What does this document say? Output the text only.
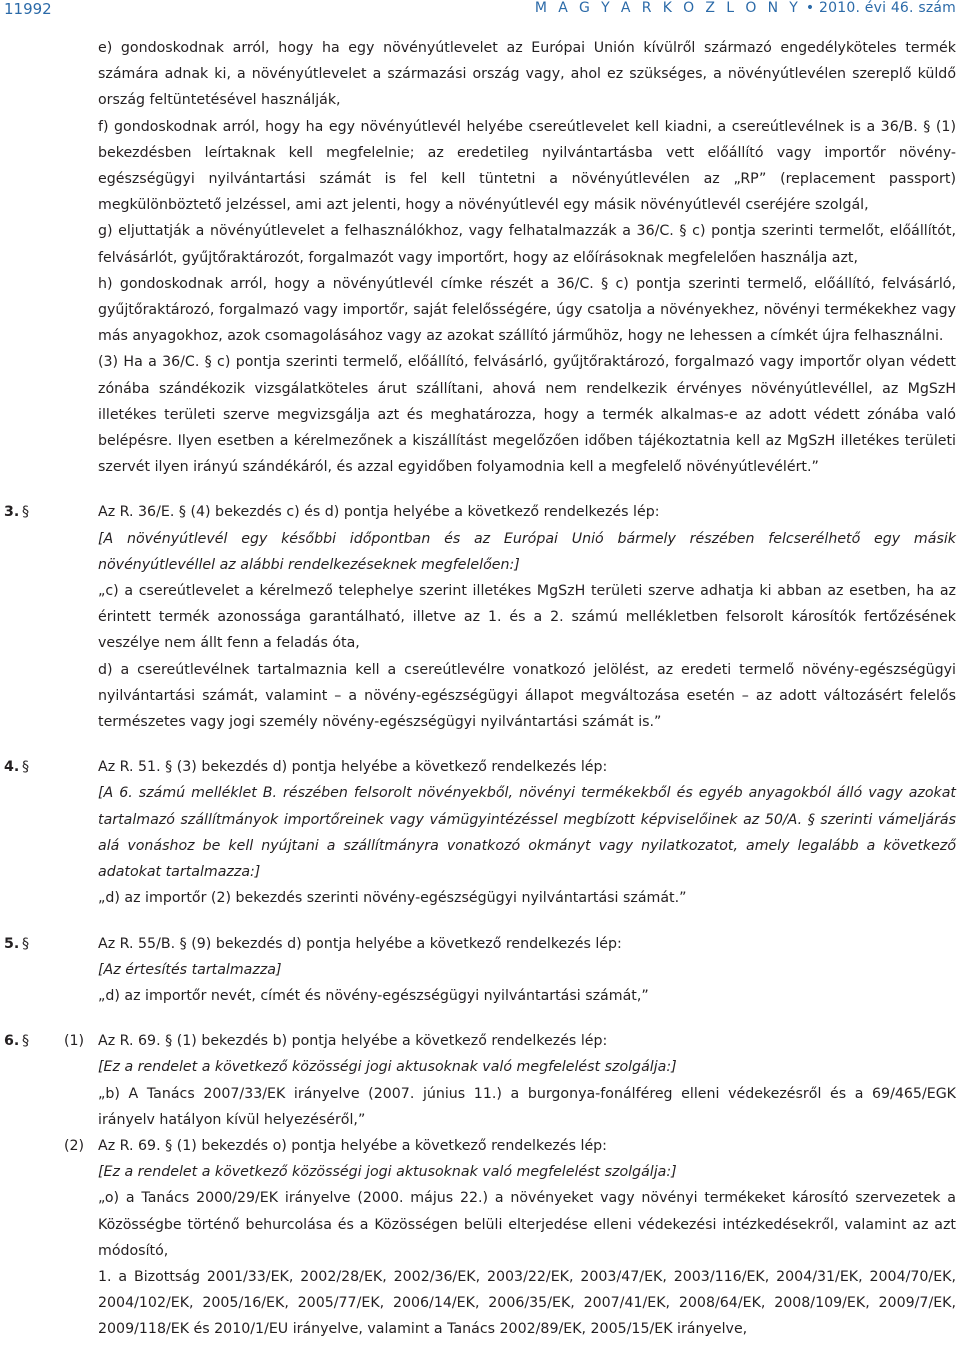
11992	M A G Y A R K Ö Z L Ö N Y • 2010. évi 46. szám

e) gondoskodnak arról, hogy ha egy növényútlevelet az Európai Unión kívülről származó engedélyköteles termék számára adnak ki, a növényútlevelet a származási ország vagy, ahol ez szükséges, a növényútlevélen szereplő küldő ország feltüntetésével használják,

f) gondoskodnak arról, hogy ha egy növényútlevél helyébe csereútlevelet kell kiadni, a csereútlevélnek is a 36/B. § (1) bekezdésben leírtaknak kell megfelelnie; az eredetileg nyilvántartásba vett előállító vagy importőr növény-egészségügyi nyilvántartási számát is fel kell tüntetni a növényútlevélen az „RP” (replacement passport) megkülönböztető jelzéssel, ami azt jelenti, hogy a növényútlevél egy másik növényútlevél cseréjére szolgál,

g) eljuttatják a növényútlevelet a felhasználókhoz, vagy felhatalmazzák a 36/C. § c) pontja szerinti termelőt, előállítót, felvásárlót, gyűjtőraktározót, forgalmazót vagy importőrt, hogy az előírásoknak megfelelően használja azt,

h) gondoskodnak arról, hogy a növényútlevél címke részét a 36/C. § c) pontja szerinti termelő, előállító, felvásárló, gyűjtőraktározó, forgalmazó vagy importőr, saját felelősségére, úgy csatolja a növényekhez, növényi termékekhez vagy más anyagokhoz, azok csomagolásához vagy az azokat szállító járműhöz, hogy ne lehessen a címkét újra felhasználni.

(3) Ha a 36/C. § c) pontja szerinti termelő, előállító, felvásárló, gyűjtőraktározó, forgalmazó vagy importőr olyan védett zónába szándékozik vizsgálatköteles árut szállítani, ahová nem rendelkezik érvényes növényútlevéllel, az MgSzH illetékes területi szerve megvizsgálja azt és meghatározza, hogy a termék alkalmas-e az adott védett zónába való belépésre. Ilyen esetben a kérelmezőnek a kiszállítást megelőzően időben tájékoztatnia kell az MgSzH illetékes területi szervét ilyen irányú szándékáról, és azzal egyidőben folyamodnia kell a megfelelő növényútlevélért.”

3. §	Az R. 36/E. § (4) bekezdés c) és d) pontja helyébe a következő rendelkezés lép:

[A növényútlevél egy későbbi időpontban és az Európai Unió bármely részében felcserélhető egy másik növényútlevéllel az alábbi rendelkezéseknek megfelelően:]

„c) a csereútlevelet a kérelmező telephelye szerint illetékes MgSzH területi szerve adhatja ki abban az esetben, ha az érintett termék azonossága garantálható, illetve az 1. és a 2. számú mellékletben felsorolt károsítók fertőzésének veszélye nem állt fenn a feladás óta,

d) a csereútlevélnek tartalmaznia kell a csereútlevélre vonatkozó jelölést, az eredeti termelő növény-egészségügyi nyilvántartási számát, valamint – a növény-egészségügyi állapot megváltozása esetén – az adott változásért felelős természetes vagy jogi személy növény-egészségügyi nyilvántartási számát is.”

4. §	Az R. 51. § (3) bekezdés d) pontja helyébe a következő rendelkezés lép:

[A 6. számú melléklet B. részében felsorolt növényekből, növényi termékekből és egyéb anyagokból álló vagy azokat tartalmazó szállítmányok importőreinek vagy vámügyintézéssel megbízott képviselőinek az 50/A. § szerinti vámeljárás alá vonáshoz be kell nyújtani a szállítmányra vonatkozó okmányt vagy nyilatkozatot, amely legalább a következő adatokat tartalmazza:]

„d) az importőr (2) bekezdés szerinti növény-egészségügyi nyilvántartási számát.”

5. §	Az R. 55/B. § (9) bekezdés d) pontja helyébe a következő rendelkezés lép:

[Az értesítés tartalmazza]

„d) az importőr nevét, címét és növény-egészségügyi nyilvántartási számát,”

6. § (1) Az R. 69. § (1) bekezdés b) pontja helyébe a következő rendelkezés lép:

[Ez a rendelet a következő közösségi jogi aktusoknak való megfelelést szolgálja:]

„b) A Tanács 2007/33/EK irányelve (2007. június 11.) a burgonya-fonálféreg elleni védekezésről és a 69/465/EGK irányelv hatályon kívül helyezéséről,”

(2) Az R. 69. § (1) bekezdés o) pontja helyébe a következő rendelkezés lép:

[Ez a rendelet a következő közösségi jogi aktusoknak való megfelelést szolgálja:]

„o) a Tanács 2000/29/EK irányelve (2000. május 22.) a növényeket vagy növényi termékeket károsító szervezetek a Közösségbe történő behurcolása és a Közösségen belüli elterjedése elleni védekezési intézkedésekről, valamint az azt módosító,

1. a Bizottság 2001/33/EK, 2002/28/EK, 2002/36/EK, 2003/22/EK, 2003/47/EK, 2003/116/EK, 2004/31/EK, 2004/70/EK, 2004/102/EK, 2005/16/EK, 2005/77/EK, 2006/14/EK, 2006/35/EK, 2007/41/EK, 2008/64/EK, 2008/109/EK, 2009/7/EK, 2009/118/EK és 2010/1/EU irányelve, valamint a Tanács 2002/89/EK, 2005/15/EK irányelve,
